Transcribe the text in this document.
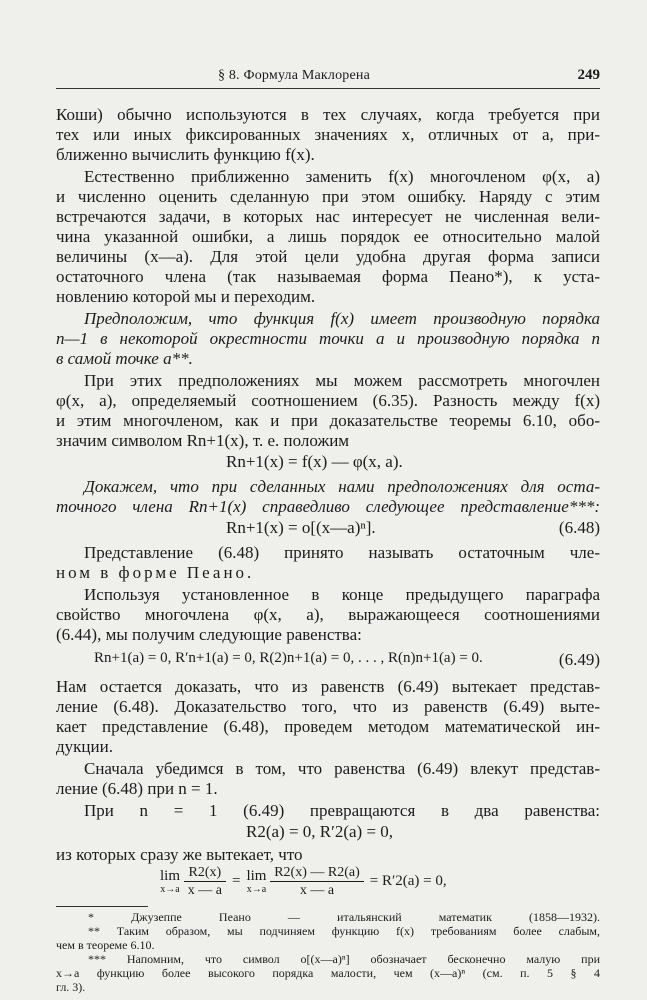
§ 8. Формула Маклорена	249
Коши) обычно используются в тех случаях, когда требуется при
тех или иных фиксированных значениях x, отличных от a, при-
ближенно вычислить функцию f(x).
Естественно приближенно заменить f(x) многочленом φ(x, a)
и численно оценить сделанную при этом ошибку. Наряду с этим
встречаются задачи, в которых нас интересует не численная вели-
чина указанной ошибки, а лишь порядок ее относительно малой
величины (x—a). Для этой цели удобна другая форма записи
остаточного члена (так называемая форма Пеано*), к уста-
новлению которой мы и переходим.
Предположим, что функция f(x) имеет производную порядка
n—1 в некоторой окрестности точки a и производную порядка n
в самой точке a**.
При этих предположениях мы можем рассмотреть многочлен
φ(x, a), определяемый соотношением (6.35). Разность между f(x)
и этим многочленом, как и при доказательстве теоремы 6.10, обо-
значим символом Rn+1(x), т. е. положим
Rn+1(x) = f(x) — φ(x, a).
Докажем, что при сделанных нами предположениях для оста-
точного члена Rn+1(x) справедливо следующее представление***:
Rn+1(x) = o[(x—a)ⁿ].	(6.48)
Представление (6.48) принято называть остаточным чле-
ном в форме Пеано.
Используя установленное в конце предыдущего параграфа
свойство многочлена φ(x, a), выражающееся соотношениями
(6.44), мы получим следующие равенства:
Rn+1(a) = 0, R′n+1(a) = 0, R(2)n+1(a) = 0, . . . , R(n)n+1(a) = 0.	(6.49)
Нам остается доказать, что из равенств (6.49) вытекает представ-
ление (6.48). Доказательство того, что из равенств (6.49) выте-
кает представление (6.48), проведем методом математической ин-
дукции.
Сначала убедимся в том, что равенства (6.49) влекут представ-
ление (6.48) при n = 1.
При n = 1 (6.49) превращаются в два равенства:
R2(a) = 0, R′2(a) = 0,
из которых сразу же вытекает, что
lim
x→a
$\frac{R2(x)}{x — a} = \lim$
x→a
$\frac{R2(x) — R2(a)}{x — a} = R'2(a) = 0$,
* Джузеппе Пеано — итальянский математик (1858—1932).
** Таким образом, мы подчиняем функцию f(x) требованиям более слабым,
чем в теореме 6.10.
*** Напомним, что символ o[(x—a)ⁿ] обозначает бесконечно малую при
x→a функцию более высокого порядка малости, чем (x—a)ⁿ (см. п. 5 § 4
гл. 3).
